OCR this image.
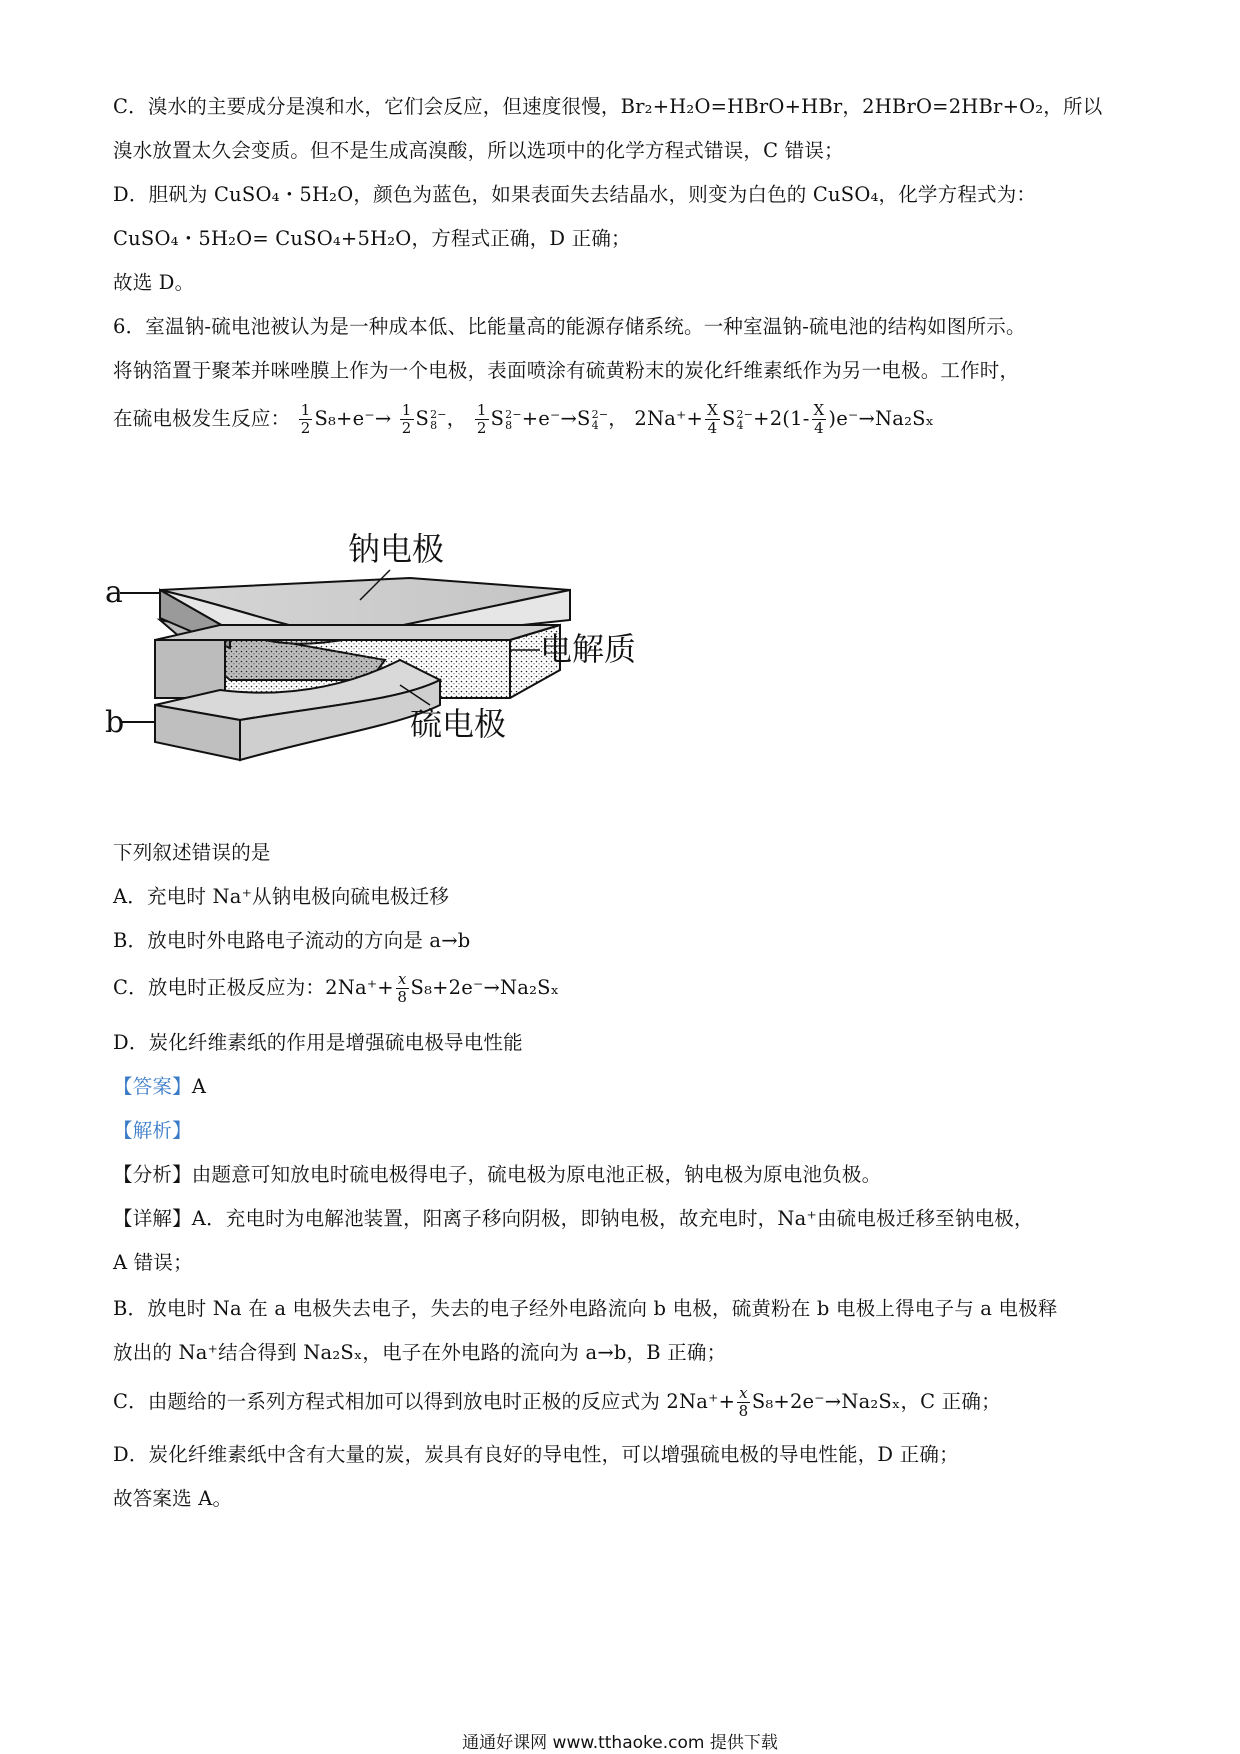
C．溴水的主要成分是溴和水，它们会反应，但速度很慢，Br₂+H₂O=HBrO+HBr，2HBrO=2HBr+O₂，所以
溴水放置太久会变质。但不是生成高溴酸，所以选项中的化学方程式错误，C 错误；
D．胆矾为 CuSO₄・5H₂O，颜色为蓝色，如果表面失去结晶水，则变为白色的 CuSO₄，化学方程式为：
CuSO₄・5H₂O= CuSO₄+5H₂O，方程式正确，D 正确；
故选 D。
6．室温钠-硫电池被认为是一种成本低、比能量高的能源存储系统。一种室温钠-硫电池的结构如图所示。
将钠箔置于聚苯并咪唑膜上作为一个电极，表面喷涂有硫黄粉末的炭化纤维素纸作为另一电极。工作时，
在硫电极发生反应： $\frac{1}{2} S_8+e^-\to \frac{1}{2}$ S 2−
8 ， $\frac{1}{2}$ S 2−
8 +e⁻→S 2−
4 ， $2Na^++ \frac{X}{4}$ S 2−
$4 +2(1- \frac{X}{4} )e^-\to Na_2S_x$
钠电极
电解质
硫电极
a
b
下列叙述错误的是
A．充电时 Na⁺从钠电极向硫电极迁移
B．放电时外电路电子流动的方向是 a→b
C．放电时正极反应为：$2Na^++ \frac{x}{8} S_8+2e^-\to Na_2S_x$
D．炭化纤维素纸的作用是增强硫电极导电性能
【答案】A
【解析】
【分析】由题意可知放电时硫电极得电子，硫电极为原电池正极，钠电极为原电池负极。
【详解】A．充电时为电解池装置，阳离子移向阴极，即钠电极，故充电时，Na⁺由硫电极迁移至钠电极，
A 错误；
B．放电时 Na 在 a 电极失去电子，失去的电子经外电路流向 b 电极，硫黄粉在 b 电极上得电子与 a 电极释
放出的 Na⁺结合得到 Na₂Sₓ，电子在外电路的流向为 a→b，B 正确；
C．由题给的一系列方程式相加可以得到放电时正极的反应式为 $2Na^++ \frac{x}{8} S_8+2e^-\to Na_2S_x$，C 正确；
D．炭化纤维素纸中含有大量的炭，炭具有良好的导电性，可以增强硫电极的导电性能，D 正确；
故答案选 A。
通通好课网 www.tthaoke.com 提供下载
